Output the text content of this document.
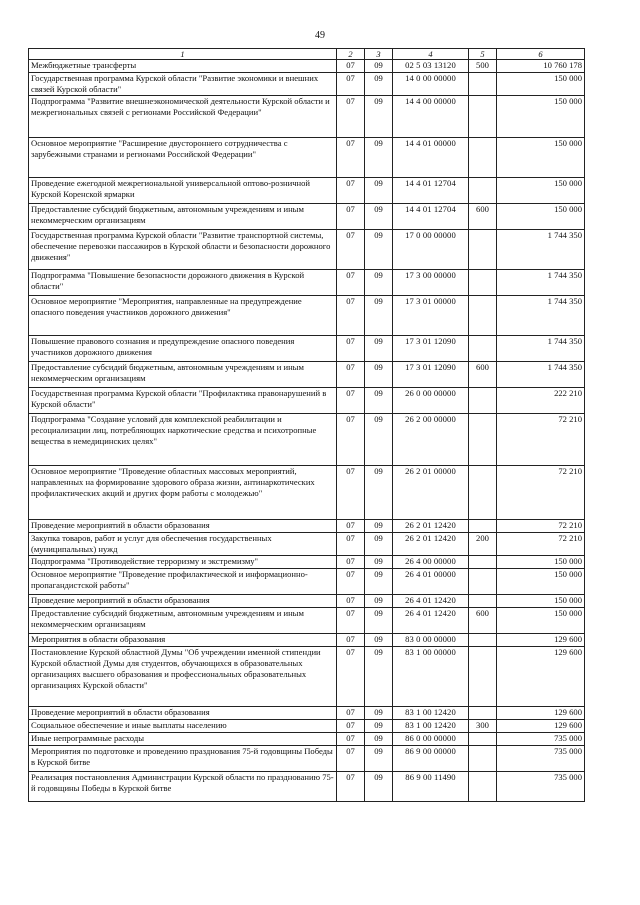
49
1	2	3	4	5	6
Межбюджетные трансферты	07	09	02 5 03 13120	500	10 760 178
Государственная программа Курской области "Развитие экономики и внешних связей Курской области"	07	09	14 0 00 00000		150 000
Подпрограмма "Развитие внешнеэкономической деятельности Курской области и межрегиональных связей с регионами Российской Федерации"	07	09	14 4 00 00000		150 000
Основное мероприятие "Расширение двустороннего сотрудничества с зарубежными странами и регионами Российской Федерации"	07	09	14 4 01 00000		150 000
Проведение ежегодной межрегиональной универсальной оптово-розничной Курской Коренской ярмарки	07	09	14 4 01 12704		150 000
Предоставление субсидий бюджетным, автономным учреждениям и иным некоммерческим организациям	07	09	14 4 01 12704	600	150 000
Государственная программа Курской области "Развитие транспортной системы, обеспечение перевозки пассажиров в Курской области и безопасности дорожного движения"	07	09	17 0 00 00000		1 744 350
Подпрограмма "Повышение безопасности дорожного движения в Курской области"	07	09	17 3 00 00000		1 744 350
Основное мероприятие "Мероприятия, направленные на предупреждение опасного поведения участников дорожного движения"	07	09	17 3 01 00000		1 744 350
Повышение правового сознания и предупреждение опасного поведения участников дорожного движения	07	09	17 3 01 12090		1 744 350
Предоставление субсидий бюджетным, автономным учреждениям и иным некоммерческим организациям	07	09	17 3 01 12090	600	1 744 350
Государственная программа Курской области "Профилактика правонарушений в Курской области"	07	09	26 0 00 00000		222 210
Подпрограмма "Создание условий для комплексной реабилитации и ресоциализации лиц, потребляющих наркотические средства и психотропные вещества в немедицинских целях"	07	09	26 2 00 00000		72 210
Основное мероприятие "Проведение областных массовых мероприятий, направленных на формирование здорового образа жизни, антинаркотических профилактических акций и других форм работы с молодежью"	07	09	26 2 01 00000		72 210
Проведение мероприятий в области образования	07	09	26 2 01 12420		72 210
Закупка товаров, работ и услуг для обеспечения государственных (муниципальных) нужд	07	09	26 2 01 12420	200	72 210
Подпрограмма "Противодействие терроризму и экстремизму"	07	09	26 4 00 00000		150 000
Основное мероприятие "Проведение профилактической и информационно-пропагандистской работы"	07	09	26 4 01 00000		150 000
Проведение мероприятий в области образования	07	09	26 4 01 12420		150 000
Предоставление субсидий бюджетным, автономным учреждениям и иным некоммерческим организациям	07	09	26 4 01 12420	600	150 000
Мероприятия в области образования	07	09	83 0 00 00000		129 600
Постановление Курской областной Думы "Об учреждении именной стипендии Курской областной Думы для студентов, обучающихся в образовательных организациях высшего образования и профессиональных образовательных организациях Курской области"	07	09	83 1 00 00000		129 600
Проведение мероприятий в области образования	07	09	83 1 00 12420		129 600
Социальное обеспечение и иные выплаты населению	07	09	83 1 00 12420	300	129 600
Иные непрограммные расходы	07	09	86 0 00 00000		735 000
Мероприятия по подготовке и проведению празднования 75-й годовщины Победы в Курской битве	07	09	86 9 00 00000		735 000
Реализация постановления Администрации Курской области по празднованию 75-й годовщины Победы в Курской битве	07	09	86 9 00 11490		735 000
